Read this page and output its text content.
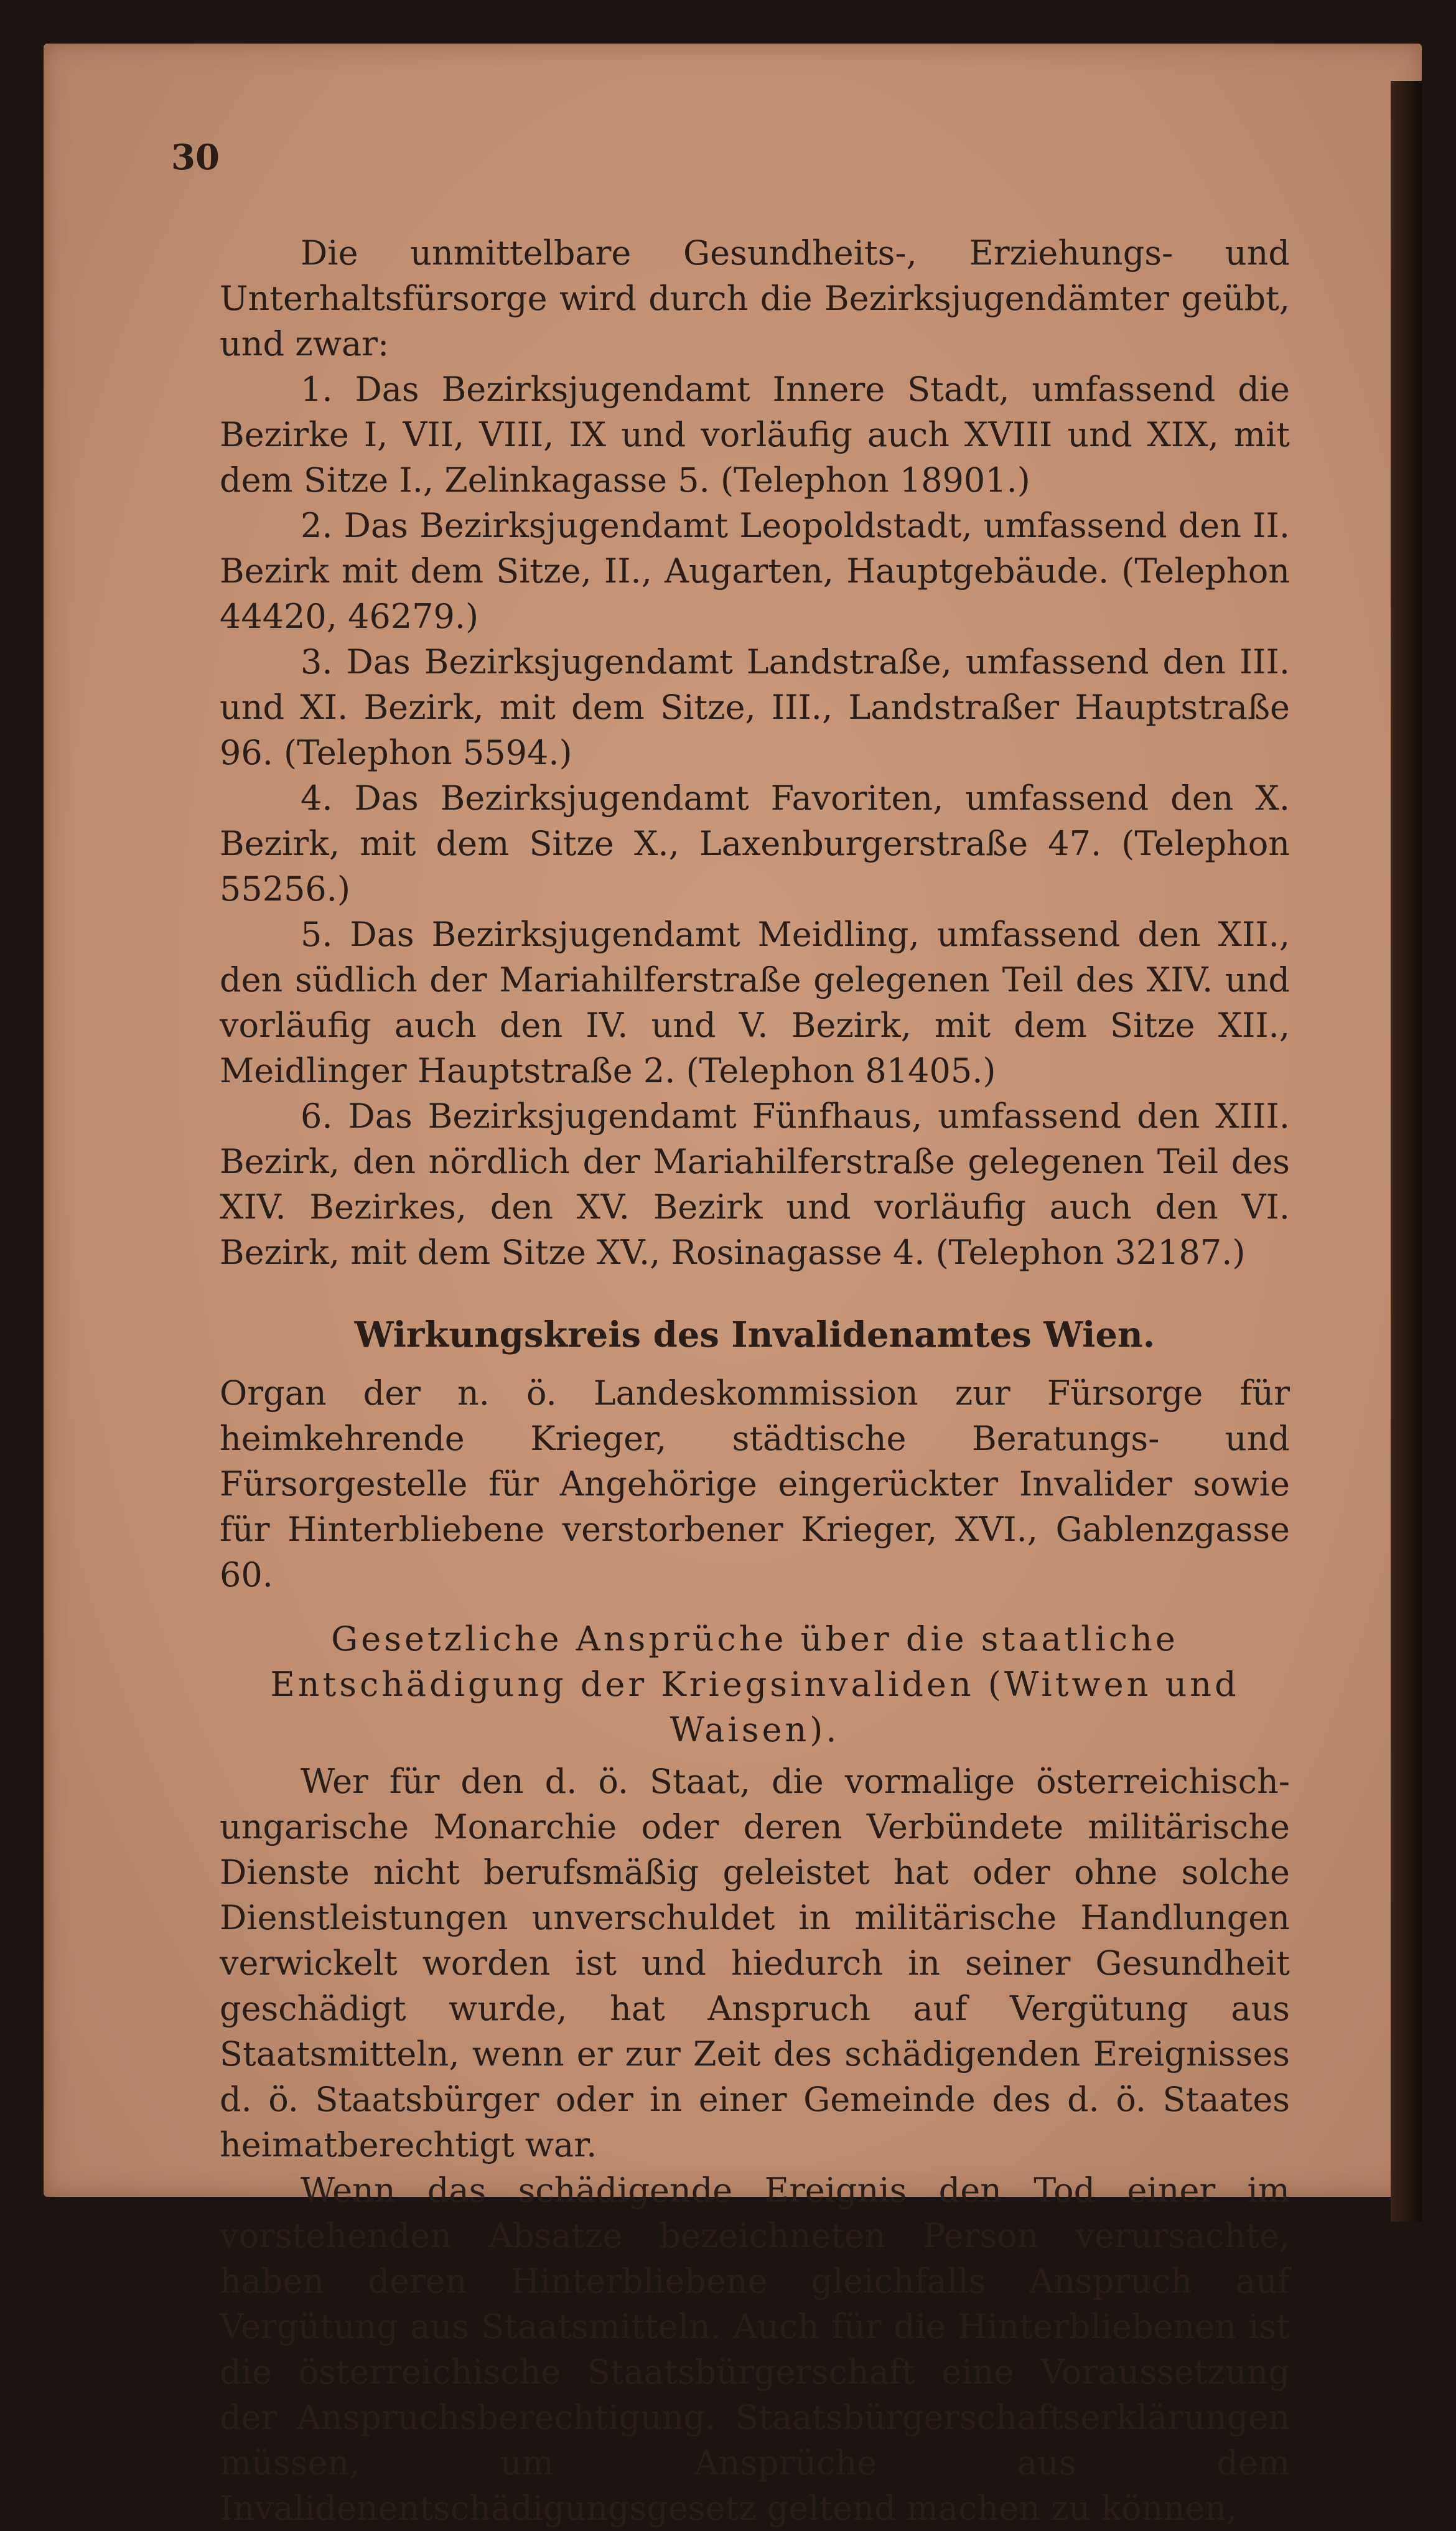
30

Die unmittelbare Gesundheits-, Erziehungs- und Unterhaltsfürsorge wird durch die Bezirksjugendämter geübt, und zwar:

1. Das Bezirksjugendamt Innere Stadt, umfassend die Bezirke I, VII, VIII, IX und vorläufig auch XVIII und XIX, mit dem Sitze I., Zelinkagasse 5. (Telephon 18901.)

2. Das Bezirksjugendamt Leopoldstadt, umfassend den II. Bezirk mit dem Sitze, II., Augarten, Hauptgebäude. (Telephon 44420, 46279.)

3. Das Bezirksjugendamt Landstraße, umfassend den III. und XI. Bezirk, mit dem Sitze, III., Landstraßer Hauptstraße 96. (Telephon 5594.)

4. Das Bezirksjugendamt Favoriten, umfassend den X. Bezirk, mit dem Sitze X., Laxenburgerstraße 47. (Telephon 55256.)

5. Das Bezirksjugendamt Meidling, umfassend den XII., den südlich der Mariahilferstraße gelegenen Teil des XIV. und vorläufig auch den IV. und V. Bezirk, mit dem Sitze XII., Meidlinger Hauptstraße 2. (Telephon 81405.)

6. Das Bezirksjugendamt Fünfhaus, umfassend den XIII. Bezirk, den nördlich der Mariahilferstraße gelegenen Teil des XIV. Bezirkes, den XV. Bezirk und vorläufig auch den VI. Bezirk, mit dem Sitze XV., Rosinagasse 4. (Telephon 32187.)

Wirkungskreis des Invalidenamtes Wien.

Organ der n. ö. Landeskommission zur Fürsorge für heimkehrende Krieger, städtische Beratungs- und Fürsorgestelle für Angehörige eingerückter Invalider sowie für Hinterbliebene verstorbener Krieger, XVI., Gablenzgasse 60.

Gesetzliche Ansprüche über die staatliche Entschädigung der Kriegsinvaliden (Witwen und Waisen).

Wer für den d. ö. Staat, die vormalige österreichisch-ungarische Monarchie oder deren Verbündete militärische Dienste nicht berufsmäßig geleistet hat oder ohne solche Dienstleistungen unverschuldet in militärische Handlungen verwickelt worden ist und hiedurch in seiner Gesundheit geschädigt wurde, hat Anspruch auf Vergütung aus Staatsmitteln, wenn er zur Zeit des schädigenden Ereignisses d. ö. Staatsbürger oder in einer Gemeinde des d. ö. Staates heimatberechtigt war.

Wenn das schädigende Ereignis den Tod einer im vorstehenden Absatze bezeichneten Person verursachte, haben deren Hinterbliebene gleichfalls Anspruch auf Vergütung aus Staatsmitteln. Auch für die Hinterbliebenen ist die österreichische Staatsbürgerschaft eine Voraussetzung der Anspruchsberechtigung. Staatsbürgerschaftserklärungen müssen, um Ansprüche aus dem Invalidenentschädigungsgesetz geltend machen zu können,
